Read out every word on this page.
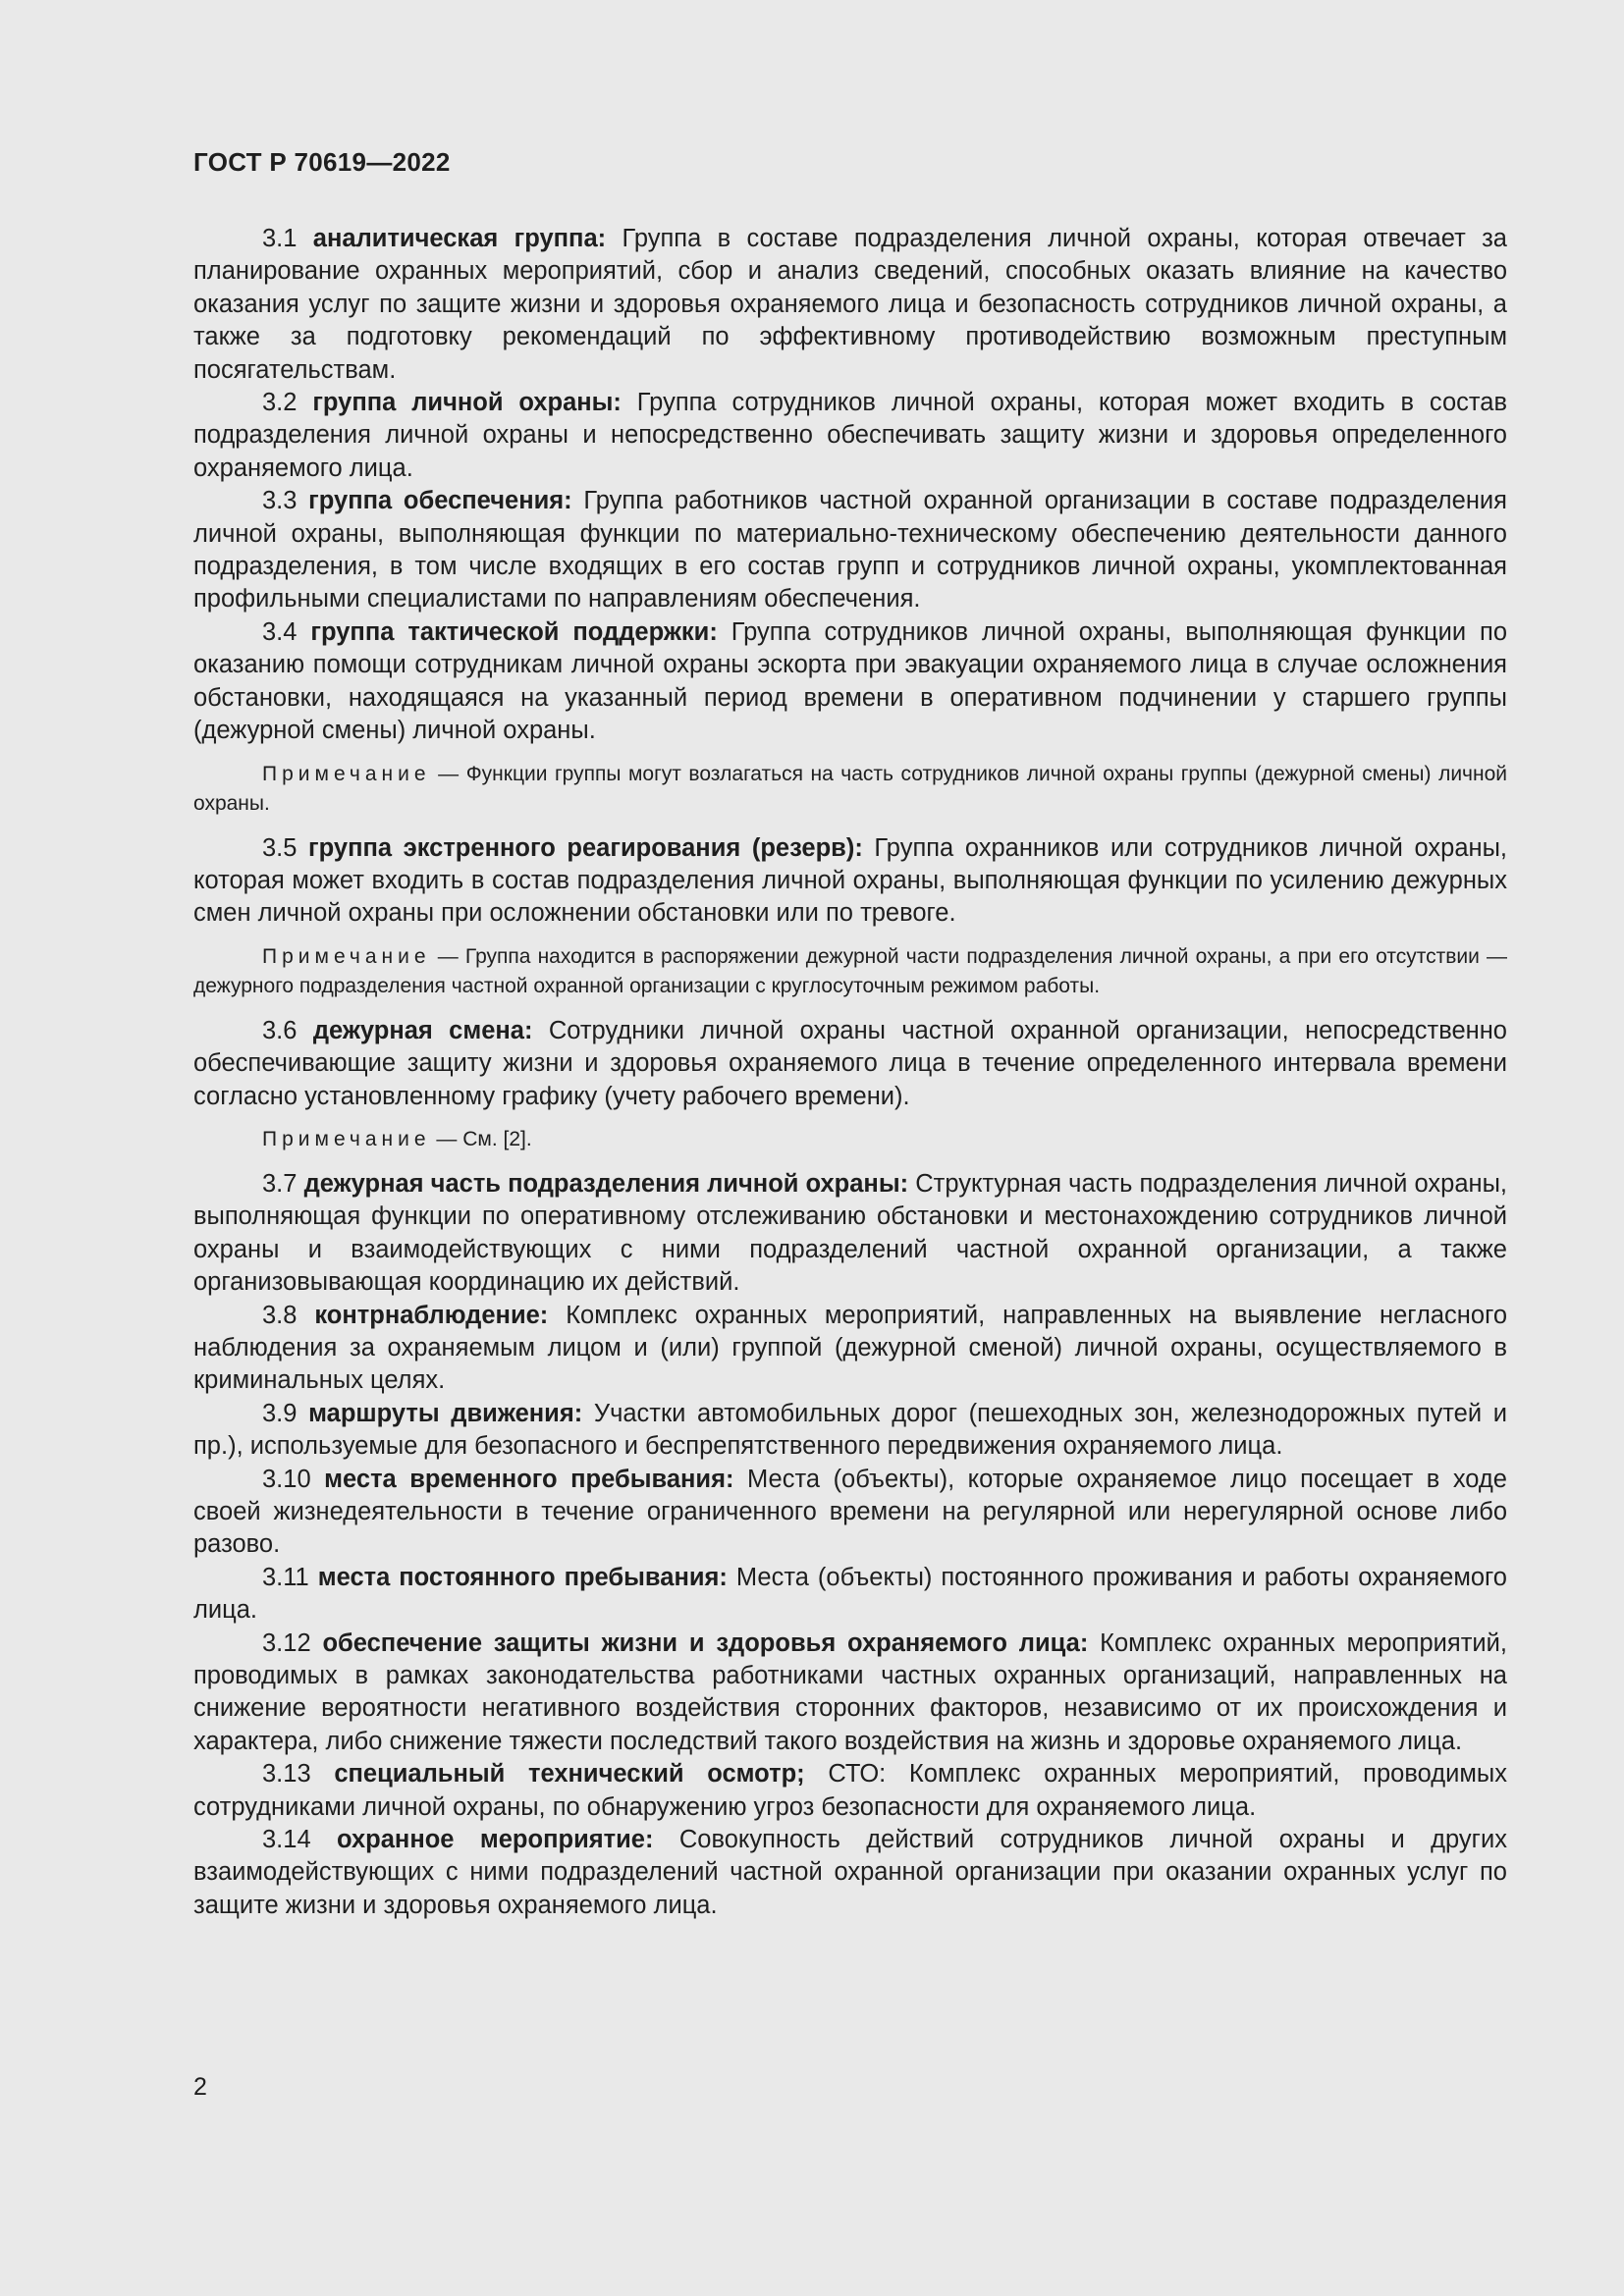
ГОСТ Р 70619—2022

3.1 аналитическая группа: Группа в составе подразделения личной охраны, которая отвечает за планирование охранных мероприятий, сбор и анализ сведений, способных оказать влияние на качество оказания услуг по защите жизни и здоровья охраняемого лица и безопасность сотрудников личной охраны, а также за подготовку рекомендаций по эффективному противодействию возможным преступным посягательствам.

3.2 группа личной охраны: Группа сотрудников личной охраны, которая может входить в состав подразделения личной охраны и непосредственно обеспечивать защиту жизни и здоровья определенного охраняемого лица.

3.3 группа обеспечения: Группа работников частной охранной организации в составе подразделения личной охраны, выполняющая функции по материально-техническому обеспечению деятельности данного подразделения, в том числе входящих в его состав групп и сотрудников личной охраны, укомплектованная профильными специалистами по направлениям обеспечения.

3.4 группа тактической поддержки: Группа сотрудников личной охраны, выполняющая функции по оказанию помощи сотрудникам личной охраны эскорта при эвакуации охраняемого лица в случае осложнения обстановки, находящаяся на указанный период времени в оперативном подчинении у старшего группы (дежурной смены) личной охраны.

Примечание — Функции группы могут возлагаться на часть сотрудников личной охраны группы (дежурной смены) личной охраны.

3.5 группа экстренного реагирования (резерв): Группа охранников или сотрудников личной охраны, которая может входить в состав подразделения личной охраны, выполняющая функции по усилению дежурных смен личной охраны при осложнении обстановки или по тревоге.

Примечание — Группа находится в распоряжении дежурной части подразделения личной охраны, а при его отсутствии — дежурного подразделения частной охранной организации с круглосуточным режимом работы.

3.6 дежурная смена: Сотрудники личной охраны частной охранной организации, непосредственно обеспечивающие защиту жизни и здоровья охраняемого лица в течение определенного интервала времени согласно установленному графику (учету рабочего времени).

Примечание — См. [2].

3.7 дежурная часть подразделения личной охраны: Структурная часть подразделения личной охраны, выполняющая функции по оперативному отслеживанию обстановки и местонахождению сотрудников личной охраны и взаимодействующих с ними подразделений частной охранной организации, а также организовывающая координацию их действий.

3.8 контрнаблюдение: Комплекс охранных мероприятий, направленных на выявление негласного наблюдения за охраняемым лицом и (или) группой (дежурной сменой) личной охраны, осуществляемого в криминальных целях.

3.9 маршруты движения: Участки автомобильных дорог (пешеходных зон, железнодорожных путей и пр.), используемые для безопасного и беспрепятственного передвижения охраняемого лица.

3.10 места временного пребывания: Места (объекты), которые охраняемое лицо посещает в ходе своей жизнедеятельности в течение ограниченного времени на регулярной или нерегулярной основе либо разово.

3.11 места постоянного пребывания: Места (объекты) постоянного проживания и работы охраняемого лица.

3.12 обеспечение защиты жизни и здоровья охраняемого лица: Комплекс охранных мероприятий, проводимых в рамках законодательства работниками частных охранных организаций, направленных на снижение вероятности негативного воздействия сторонних факторов, независимо от их происхождения и характера, либо снижение тяжести последствий такого воздействия на жизнь и здоровье охраняемого лица.

3.13 специальный технический осмотр; СТО: Комплекс охранных мероприятий, проводимых сотрудниками личной охраны, по обнаружению угроз безопасности для охраняемого лица.

3.14 охранное мероприятие: Совокупность действий сотрудников личной охраны и других взаимодействующих с ними подразделений частной охранной организации при оказании охранных услуг по защите жизни и здоровья охраняемого лица.

2
